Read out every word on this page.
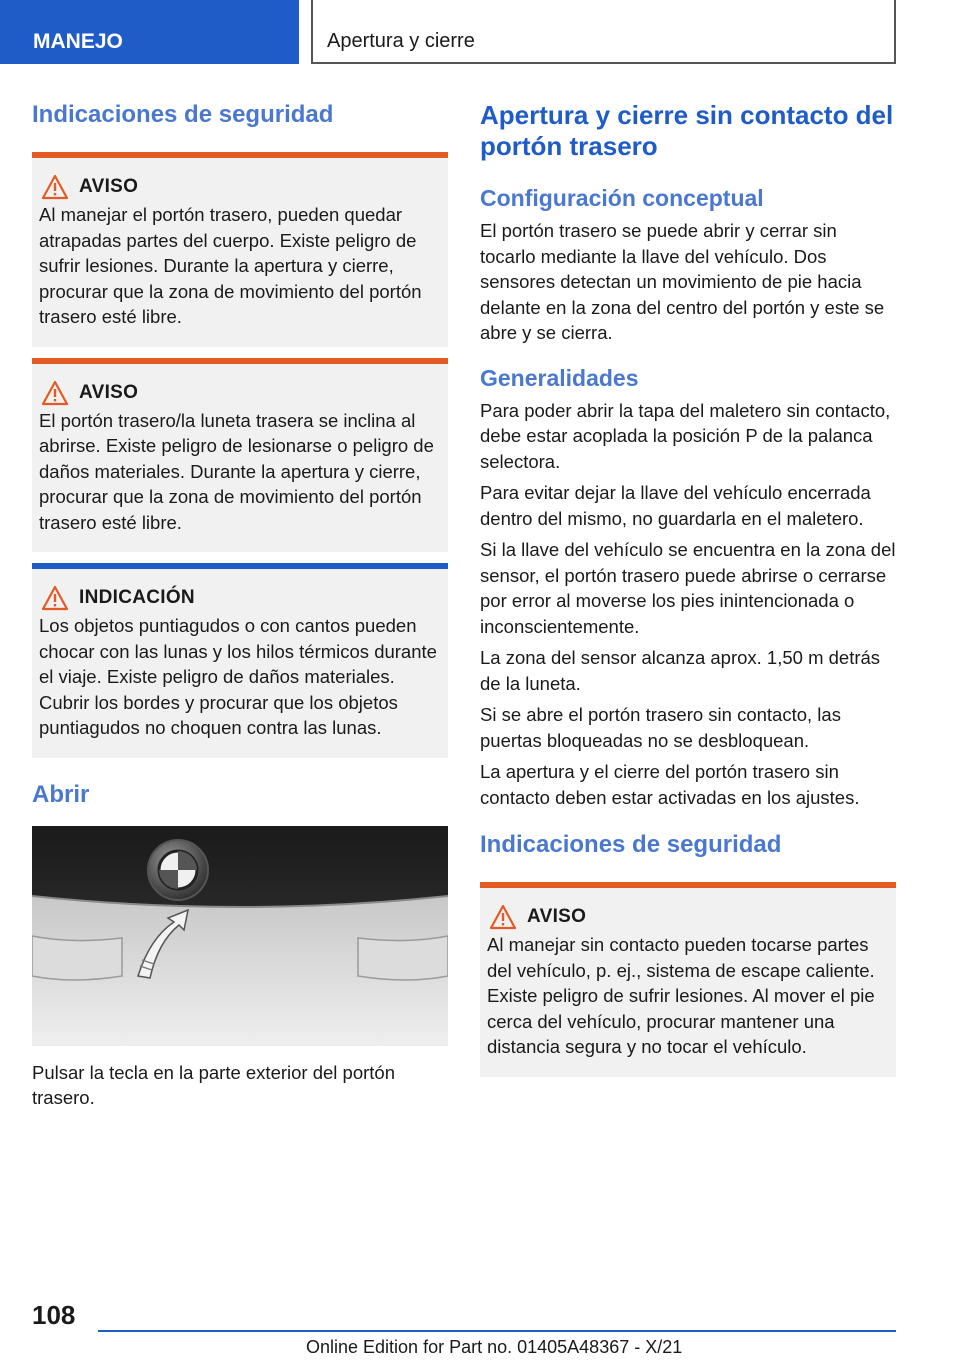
MANEJO	Apertura y cierre
Indicaciones de seguridad
AVISO

Al manejar el portón trasero, pueden quedar atrapadas partes del cuerpo. Existe peligro de sufrir lesiones. Durante la apertura y cierre, procurar que la zona de movimiento del portón trasero esté libre.

AVISO

El portón trasero/la luneta trasera se inclina al abrirse. Existe peligro de lesionarse o peligro de daños materiales. Durante la apertura y cierre, procurar que la zona de movimiento del portón trasero esté libre.

INDICACIÓN

Los objetos puntiagudos o con cantos pueden chocar con las lunas y los hilos térmicos durante el viaje. Existe peligro de daños materiales. Cubrir los bordes y procurar que los objetos puntiagudos no choquen contra las lunas.

Abrir

Pulsar la tecla en la parte exterior del portón trasero.

Apertura y cierre sin contacto del portón trasero
Configuración conceptual

El portón trasero se puede abrir y cerrar sin tocarlo mediante la llave del vehículo. Dos sensores detectan un movimiento de pie hacia delante en la zona del centro del portón y este se abre y se cierra.

Generalidades

Para poder abrir la tapa del maletero sin contacto, debe estar acoplada la posición P de la palanca selectora.

Para evitar dejar la llave del vehículo encerrada dentro del mismo, no guardarla en el maletero.

Si la llave del vehículo se encuentra en la zona del sensor, el portón trasero puede abrirse o cerrarse por error al moverse los pies inintencionada o inconscientemente.

La zona del sensor alcanza aprox. 1,50 m detrás de la luneta.

Si se abre el portón trasero sin contacto, las puertas bloqueadas no se desbloquean.

La apertura y el cierre del portón trasero sin contacto deben estar activadas en los ajustes.

Indicaciones de seguridad
AVISO

Al manejar sin contacto pueden tocarse partes del vehículo, p. ej., sistema de escape caliente. Existe peligro de sufrir lesiones. Al mover el pie cerca del vehículo, procurar mantener una distancia segura y no tocar el vehículo.

108
Online Edition for Part no. 01405A48367 - X/21
